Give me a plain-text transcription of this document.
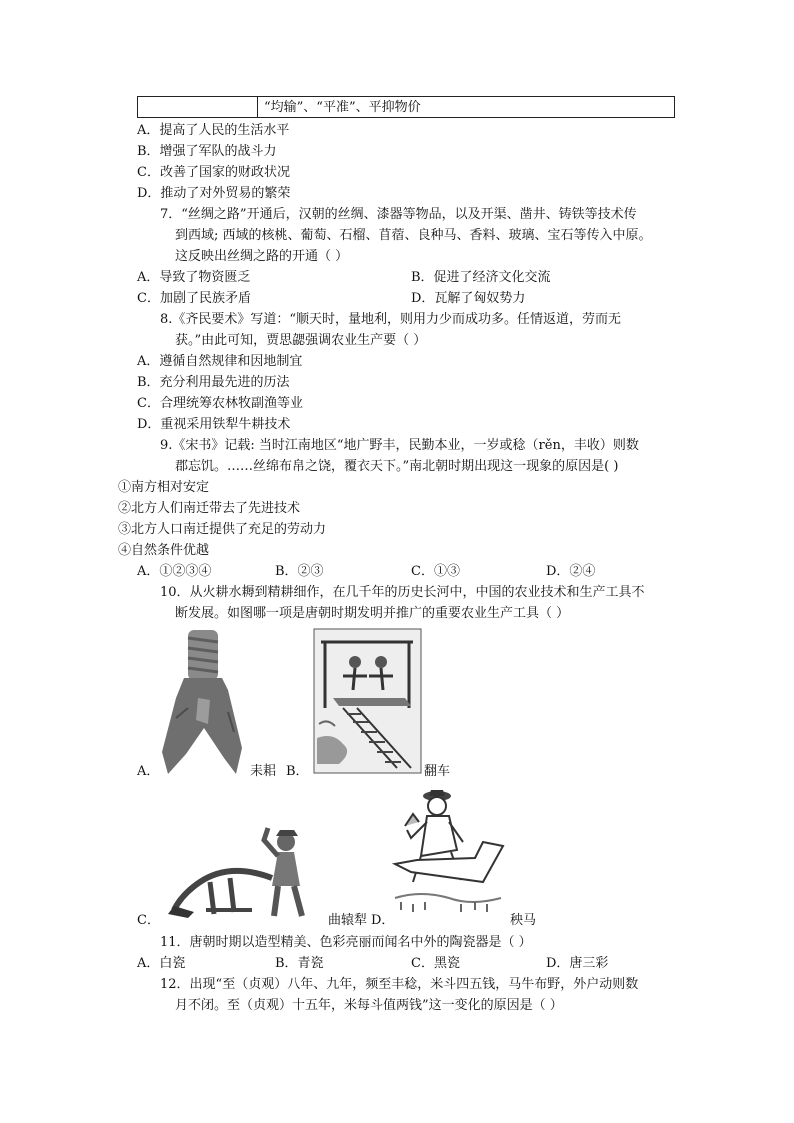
“均输”、“平准”、平抑物价
A．提高了人民的生活水平
B．增强了军队的战斗力
C．改善了国家的财政状况
D．推动了对外贸易的繁荣
7．“丝绸之路”开通后，汉朝的丝绸、漆器等物品，以及开渠、凿井、铸铁等技术传
到西域; 西域的核桃、葡萄、石榴、苜蓿、良种马、香料、玻璃、宝石等传入中原。
这反映出丝绸之路的开通（ ）
A．导致了物资匮乏	B．促进了经济文化交流
C．加剧了民族矛盾	D．瓦解了匈奴势力
8.《齐民要术》写道：“顺天时，量地利，则用力少而成功多。任情返道，劳而无
获。”由此可知，贾思勰强调农业生产要（ ）
A．遵循自然规律和因地制宜
B．充分利用最先进的历法
C．合理统筹农林牧副渔等业
D．重视采用铁犁牛耕技术
9.《宋书》记载: 当时江南地区“地广野丰，民勤本业，一岁或稔（rěn，丰收）则数
郡忘饥。……丝绵布帛之饶，覆衣天下。”南北朝时期出现这一现象的原因是( )
①南方相对安定
②北方人们南迁带去了先进技术
③北方人口南迁提供了充足的劳动力
④自然条件优越
A．①②③④	B．②③	C．①③	D．②④
10．从火耕水耨到精耕细作，在几千年的历史长河中，中国的农业技术和生产工具不
断发展。如图哪一项是唐朝时期发明并推广的重要农业生产工具（ ）
A．	耒耜 B．	翻车
C．	曲辕犁 D．	秧马
11．唐朝时期以造型精美、色彩亮丽而闻名中外的陶瓷器是（ ）
A．白瓷	B．青瓷	C．黑瓷	D．唐三彩
12．出现“至（贞观）八年、九年，频至丰稔，米斗四五钱，马牛布野，外户动则数
月不闭。至（贞观）十五年，米每斗值两钱”这一变化的原因是（ ）
